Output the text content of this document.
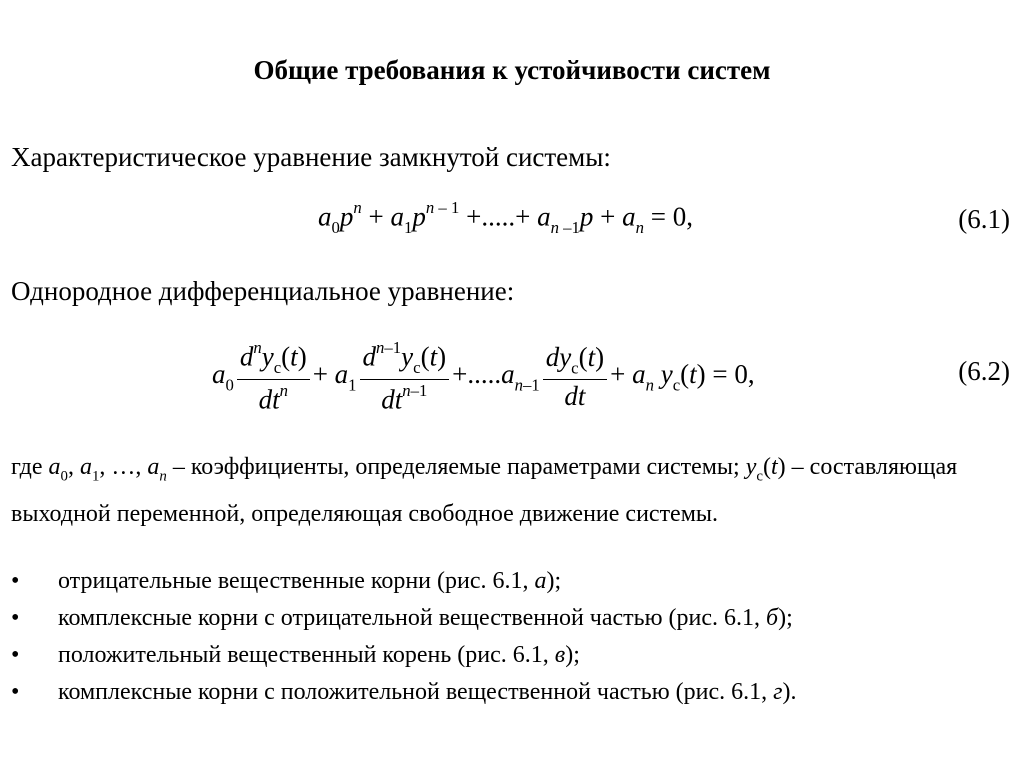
Общие требования к устойчивости систем
Характеристическое уравнение замкнутой системы:
$a_0p^n + a_1p^{n - 1}$ +.....+ $a_{n -1}p + a_n = 0$,	(6.1)
Однородное дифференциальное уравнение:
$a_0 \frac{d^ny_с(t)}{dt^n} + a_1 \frac{d^{n-1}y_с(t)}{dt^{n-1}} +.....a_{n-1} \frac{dy_с(t)}{dt} + a_n$ $y_с(t) = 0$,	(6.2)
где $a_0$, $a_1$, …, $a_n$ – коэффициенты, определяемые параметрами системы; $y_с(t)$ – составляющая выходной переменной, определяющая свободное движение системы.
• отрицательные вещественные корни (рис. 6.1, а);
• комплексные корни с отрицательной вещественной частью (рис. 6.1, б);
• положительный вещественный корень (рис. 6.1, в);
• комплексные корни с положительной вещественной частью (рис. 6.1, г).
